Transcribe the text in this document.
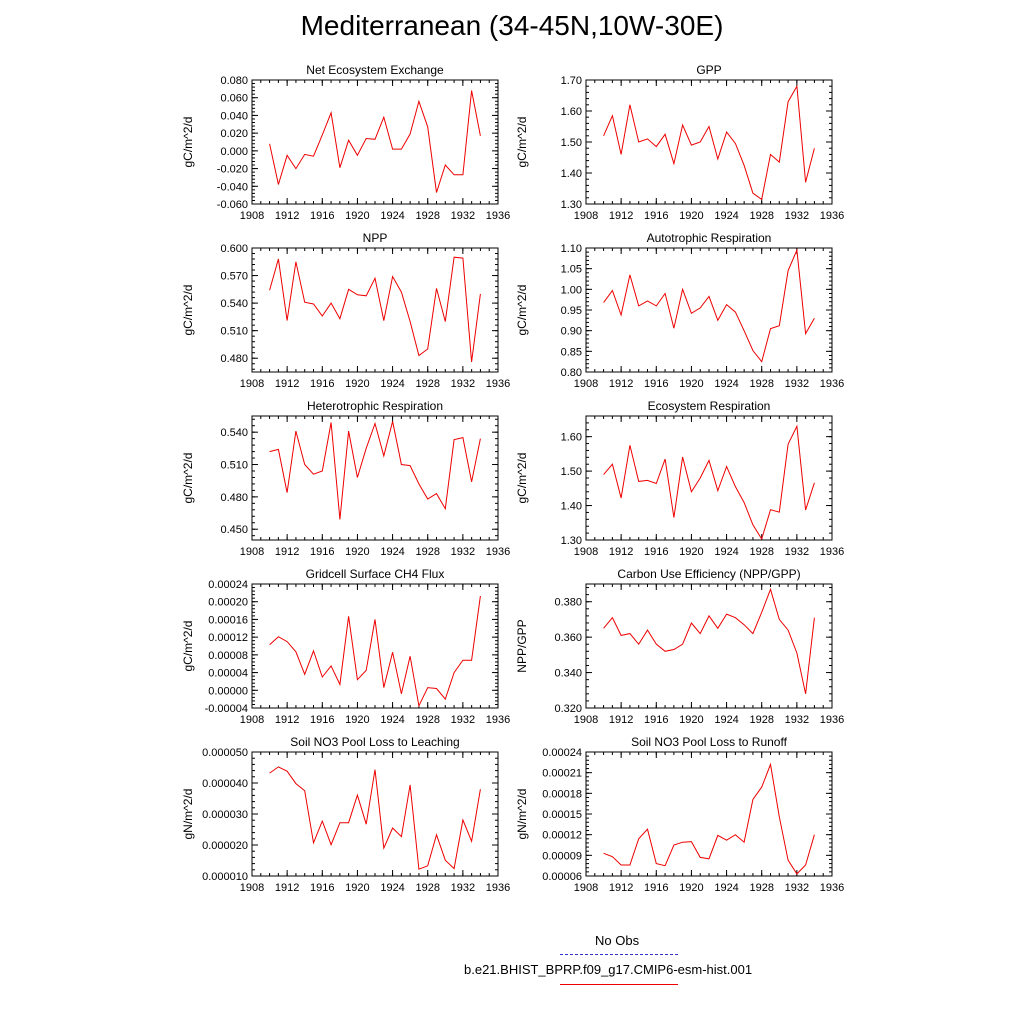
Mediterranean (34-45N,10W-30E)
Net Ecosystem Exchange
1908 1912 1916 1920 1924 1928 1932 1936
-0.060
-0.040
-0.020
0.000
0.020
0.040
0.060
0.080
gC/m^2/d
GPP
1908 1912 1916 1920 1924 1928 1932 1936
1.30
1.40
1.50
1.60
1.70
gC/m^2/d
NPP
1908 1912 1916 1920 1924 1928 1932 1936
0.480
0.510
0.540
0.570
0.600
gC/m^2/d
Autotrophic Respiration
1908 1912 1916 1920 1924 1928 1932 1936
0.80
0.85
0.90
0.95
1.00
1.05
1.10
gC/m^2/d
Heterotrophic Respiration
1908 1912 1916 1920 1924 1928 1932 1936
0.450
0.480
0.510
0.540
gC/m^2/d
Ecosystem Respiration
1908 1912 1916 1920 1924 1928 1932 1936
1.30
1.40
1.50
1.60
gC/m^2/d
Gridcell Surface CH4 Flux
1908 1912 1916 1920 1924 1928 1932 1936
-0.00004
0.00000
0.00004
0.00008
0.00012
0.00016
0.00020
0.00024
gC/m^2/d
Carbon Use Efficiency (NPP/GPP)
1908 1912 1916 1920 1924 1928 1932 1936
0.320
0.340
0.360
0.380
NPP/GPP
Soil NO3 Pool Loss to Leaching
1908 1912 1916 1920 1924 1928 1932 1936
0.000010
0.000020
0.000030
0.000040
0.000050
gN/m^2/d
Soil NO3 Pool Loss to Runoff
1908 1912 1916 1920 1924 1928 1932 1936
0.00006
0.00009
0.00012
0.00015
0.00018
0.00021
0.00024
gN/m^2/d
No Obs
b.e21.BHIST_BPRP.f09_g17.CMIP6-esm-hist.001
